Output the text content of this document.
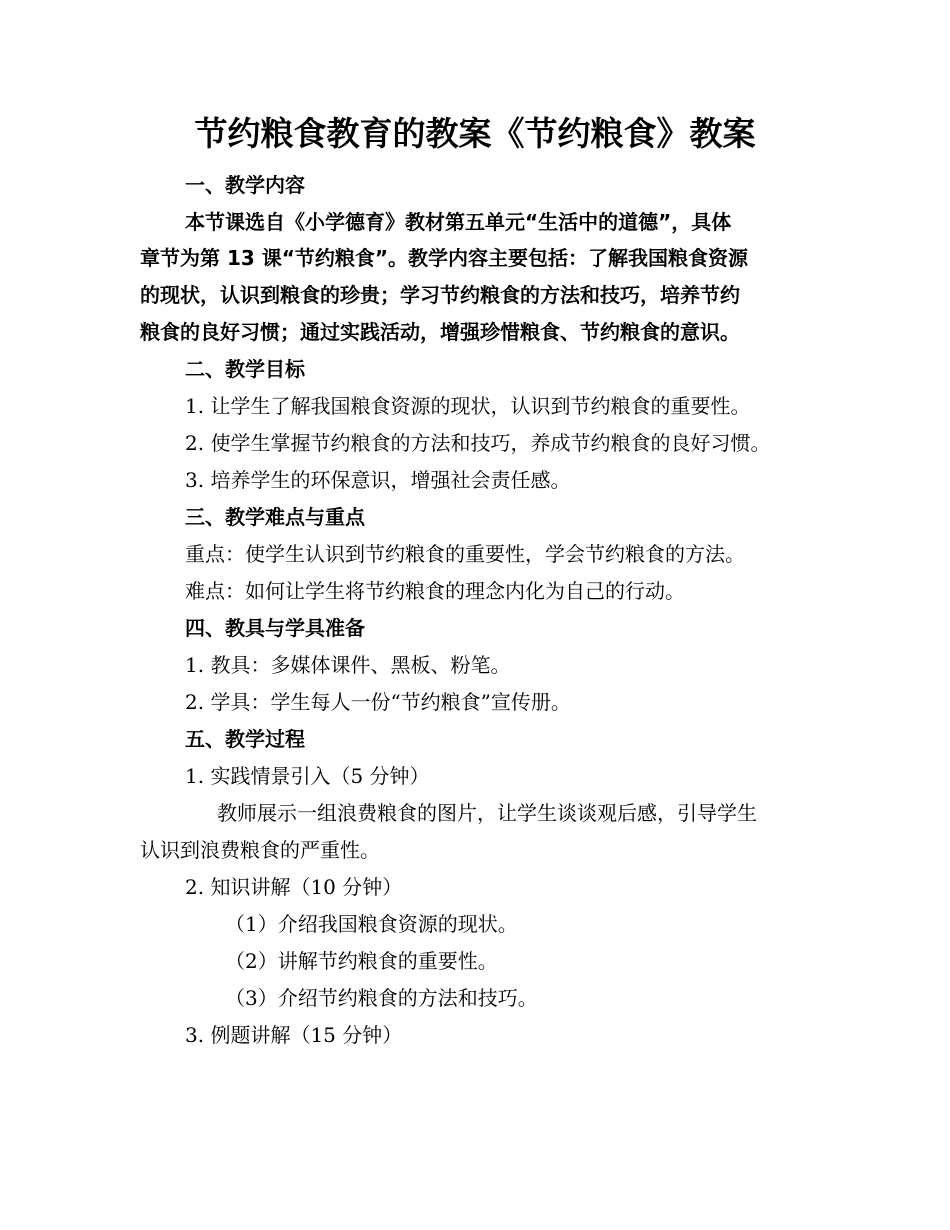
节约粮食教育的教案《节约粮食》教案
一、教学内容
本节课选自《小学德育》教材第五单元“生活中的道德”，具体
章节为第 13 课“节约粮食”。教学内容主要包括：了解我国粮食资源
的现状，认识到粮食的珍贵；学习节约粮食的方法和技巧，培养节约
粮食的良好习惯；通过实践活动，增强珍惜粮食、节约粮食的意识。
二、教学目标
1. 让学生了解我国粮食资源的现状，认识到节约粮食的重要性。
2. 使学生掌握节约粮食的方法和技巧，养成节约粮食的良好习惯。
3. 培养学生的环保意识，增强社会责任感。
三、教学难点与重点
重点：使学生认识到节约粮食的重要性，学会节约粮食的方法。
难点：如何让学生将节约粮食的理念内化为自己的行动。
四、教具与学具准备
1. 教具：多媒体课件、黑板、粉笔。
2. 学具：学生每人一份“节约粮食”宣传册。
五、教学过程
1. 实践情景引入（5 分钟）
教师展示一组浪费粮食的图片，让学生谈谈观后感，引导学生
认识到浪费粮食的严重性。
2. 知识讲解（10 分钟）
（1）介绍我国粮食资源的现状。
（2）讲解节约粮食的重要性。
（3）介绍节约粮食的方法和技巧。
3. 例题讲解（15 分钟）
